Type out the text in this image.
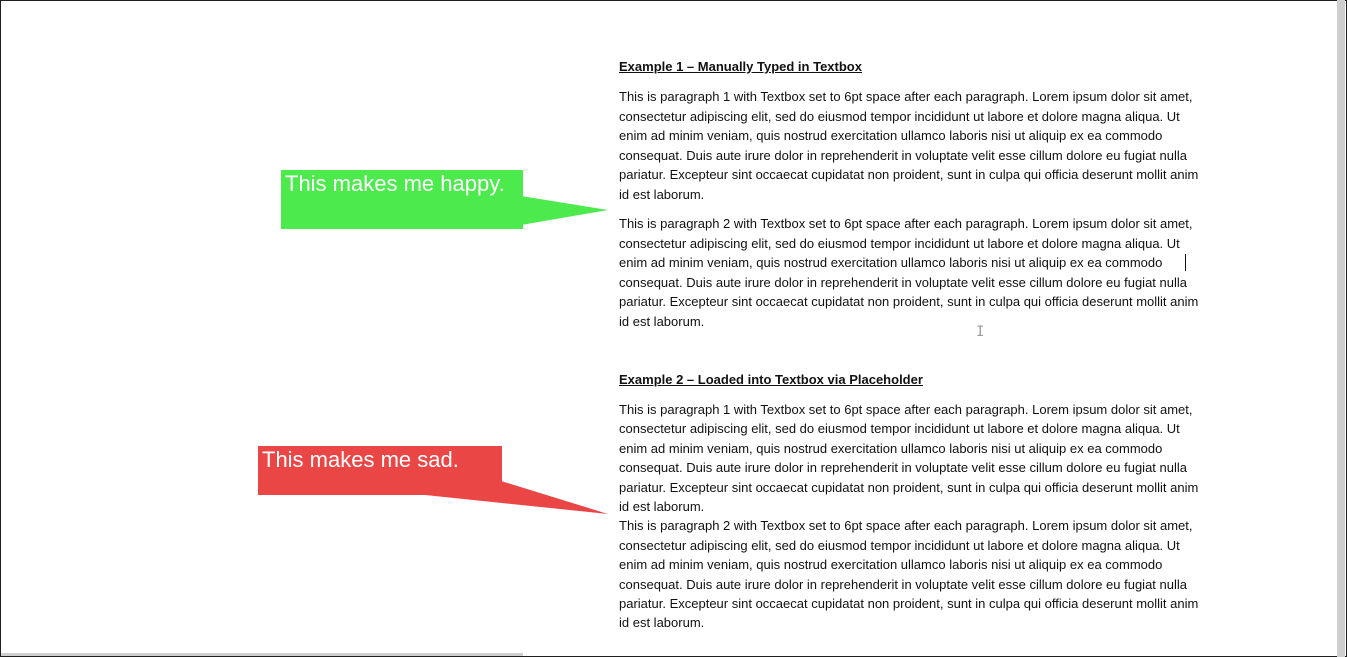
This makes me happy.
This makes me sad.
Example 1 – Manually Typed in Textbox

This is paragraph 1 with Textbox set to 6pt space after each paragraph. Lorem ipsum dolor sit amet, consectetur adipiscing elit, sed do eiusmod tempor incididunt ut labore et dolore magna aliqua. Ut enim ad minim veniam, quis nostrud exercitation ullamco laboris nisi ut aliquip ex ea commodo consequat. Duis aute irure dolor in reprehenderit in voluptate velit esse cillum dolore eu fugiat nulla pariatur. Excepteur sint occaecat cupidatat non proident, sunt in culpa qui officia deserunt mollit anim id est laborum.

This is paragraph 2 with Textbox set to 6pt space after each paragraph. Lorem ipsum dolor sit amet, consectetur adipiscing elit, sed do eiusmod tempor incididunt ut labore et dolore magna aliqua. Ut enim ad minim veniam, quis nostrud exercitation ullamco laboris nisi ut aliquip ex ea commodo consequat. Duis aute irure dolor in reprehenderit in voluptate velit esse cillum dolore eu fugiat nulla pariatur. Excepteur sint occaecat cupidatat non proident, sunt in culpa qui officia deserunt mollit anim id est laborum.

Example 2 – Loaded into Textbox via Placeholder

This is paragraph 1 with Textbox set to 6pt space after each paragraph. Lorem ipsum dolor sit amet, consectetur adipiscing elit, sed do eiusmod tempor incididunt ut labore et dolore magna aliqua. Ut enim ad minim veniam, quis nostrud exercitation ullamco laboris nisi ut aliquip ex ea commodo consequat. Duis aute irure dolor in reprehenderit in voluptate velit esse cillum dolore eu fugiat nulla pariatur. Excepteur sint occaecat cupidatat non proident, sunt in culpa qui officia deserunt mollit anim id est laborum.

This is paragraph 2 with Textbox set to 6pt space after each paragraph. Lorem ipsum dolor sit amet, consectetur adipiscing elit, sed do eiusmod tempor incididunt ut labore et dolore magna aliqua. Ut enim ad minim veniam, quis nostrud exercitation ullamco laboris nisi ut aliquip ex ea commodo consequat. Duis aute irure dolor in reprehenderit in voluptate velit esse cillum dolore eu fugiat nulla pariatur. Excepteur sint occaecat cupidatat non proident, sunt in culpa qui officia deserunt mollit anim id est laborum.

I
